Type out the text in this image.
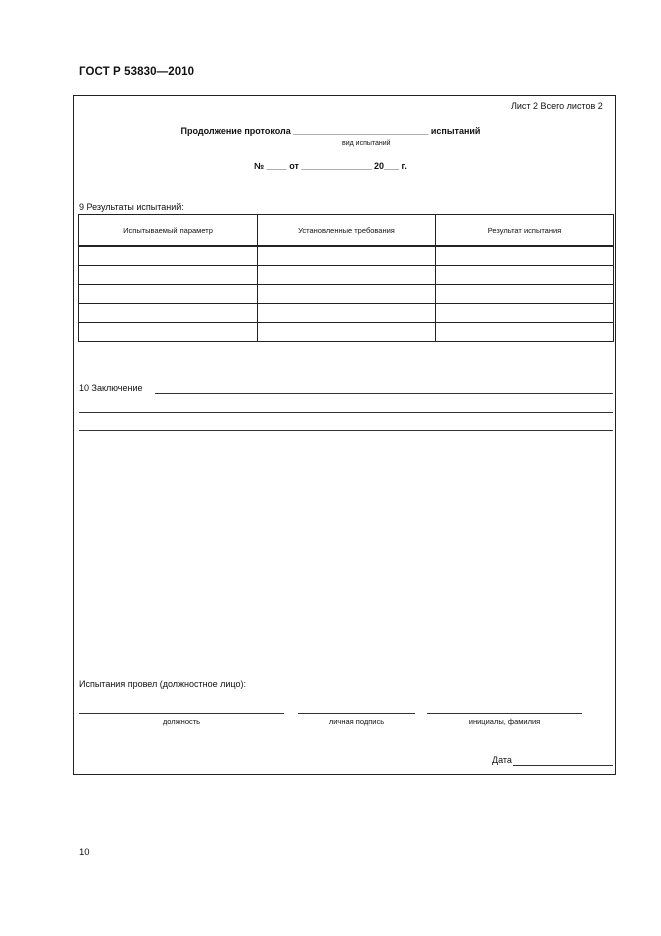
ГОСТ Р 53830—2010
Лист 2 Всего листов 2
Продолжение протокола ___________________________ испытаний
вид испытаний
№ ____ от ______________ 20___ г.
9 Результаты испытаний:
Испытываемый параметр	Установленные требования	Результат испытания

10 Заключение
Испытания провел (должностное лицо):
должность	личная подпись	инициалы, фамилия
Дата
10
